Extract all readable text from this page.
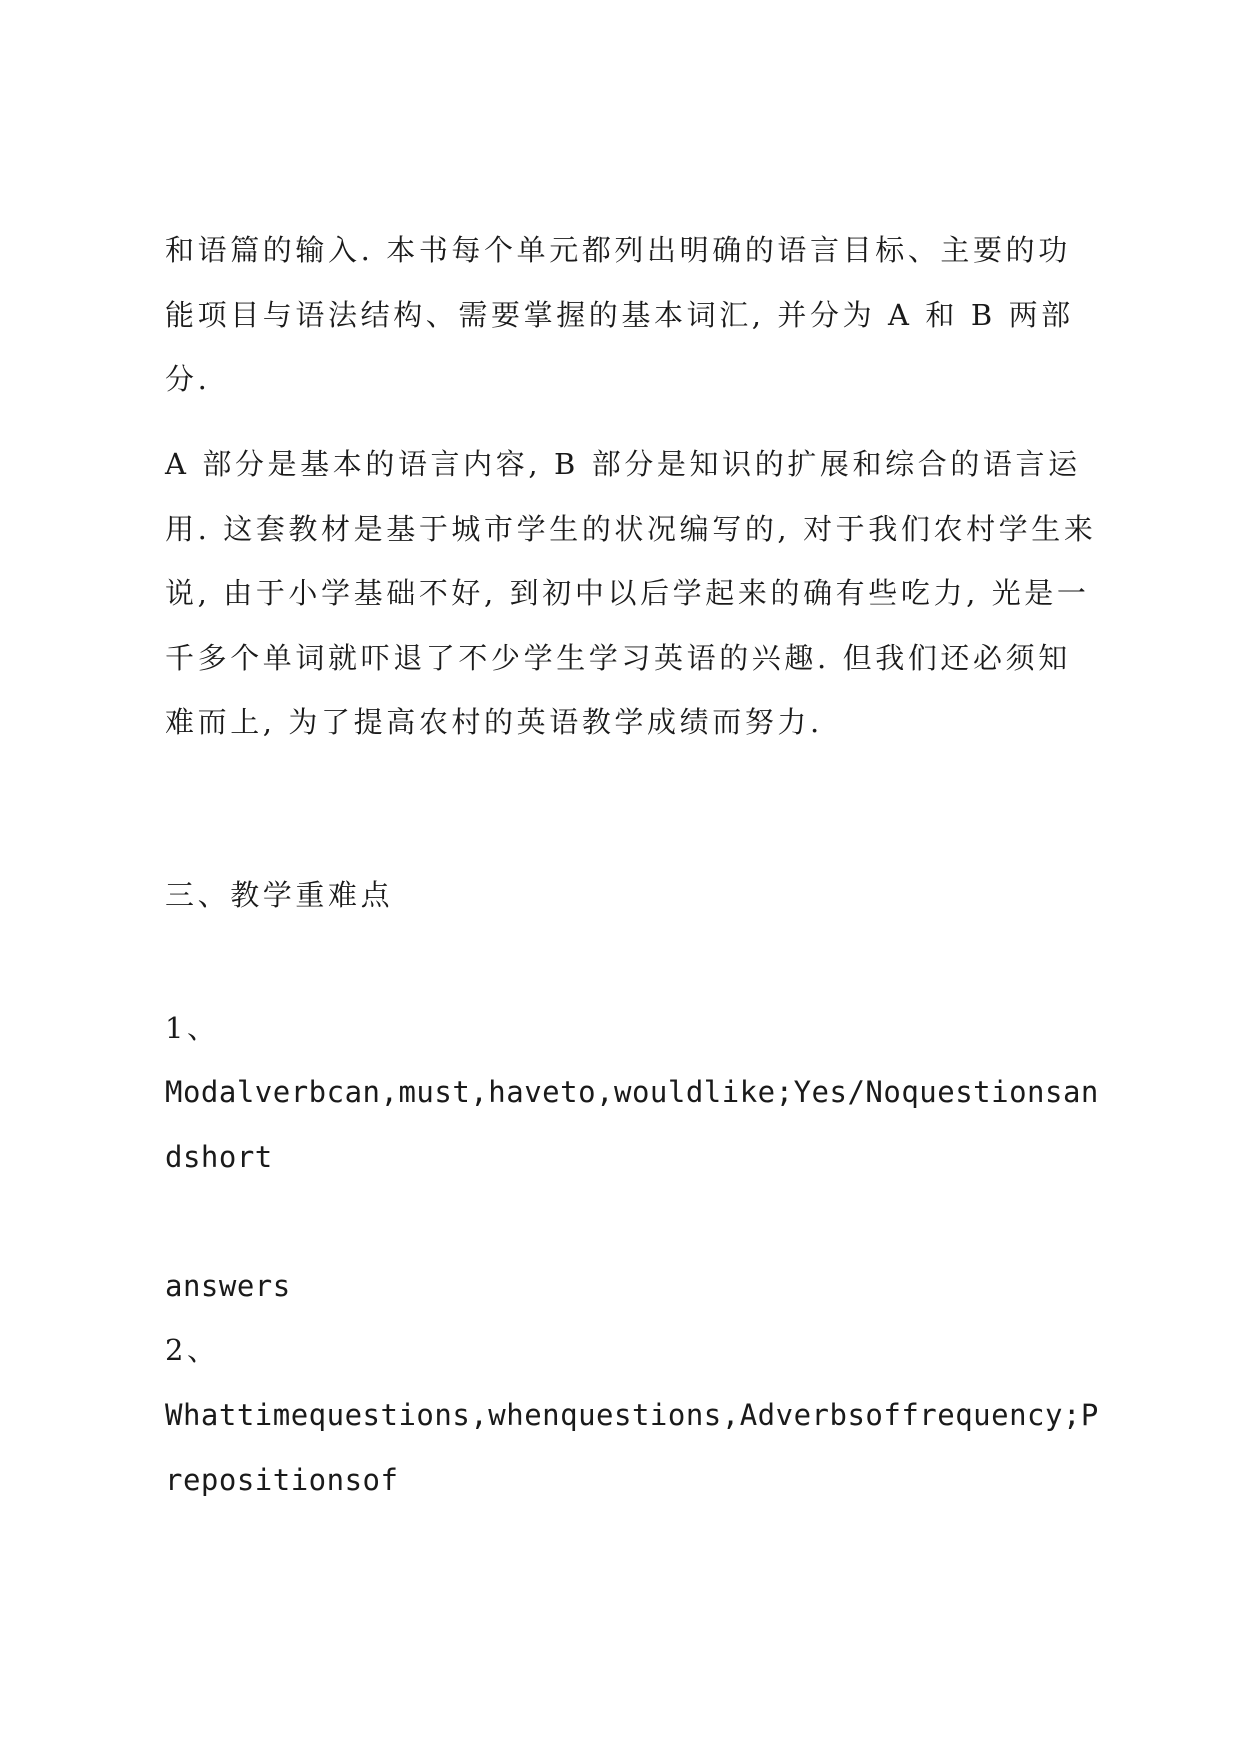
和语篇的输入. 本书每个单元都列出明确的语言目标、主要的功能项目与语法结构、需要掌握的基本词汇, 并分为 A 和 B 两部分.
A 部分是基本的语言内容, B 部分是知识的扩展和综合的语言运用. 这套教材是基于城市学生的状况编写的, 对于我们农村学生来说, 由于小学基础不好, 到初中以后学起来的确有些吃力, 光是一千多个单词就吓退了不少学生学习英语的兴趣. 但我们还必须知难而上, 为了提高农村的英语教学成绩而努力.
三、教学重难点
1、
Modalverbcan,must,haveto,wouldlike;Yes/Noquestionsandshort
answers
2、
Whattimequestions,whenquestions,Adverbsoffrequency;Prepositionsof
